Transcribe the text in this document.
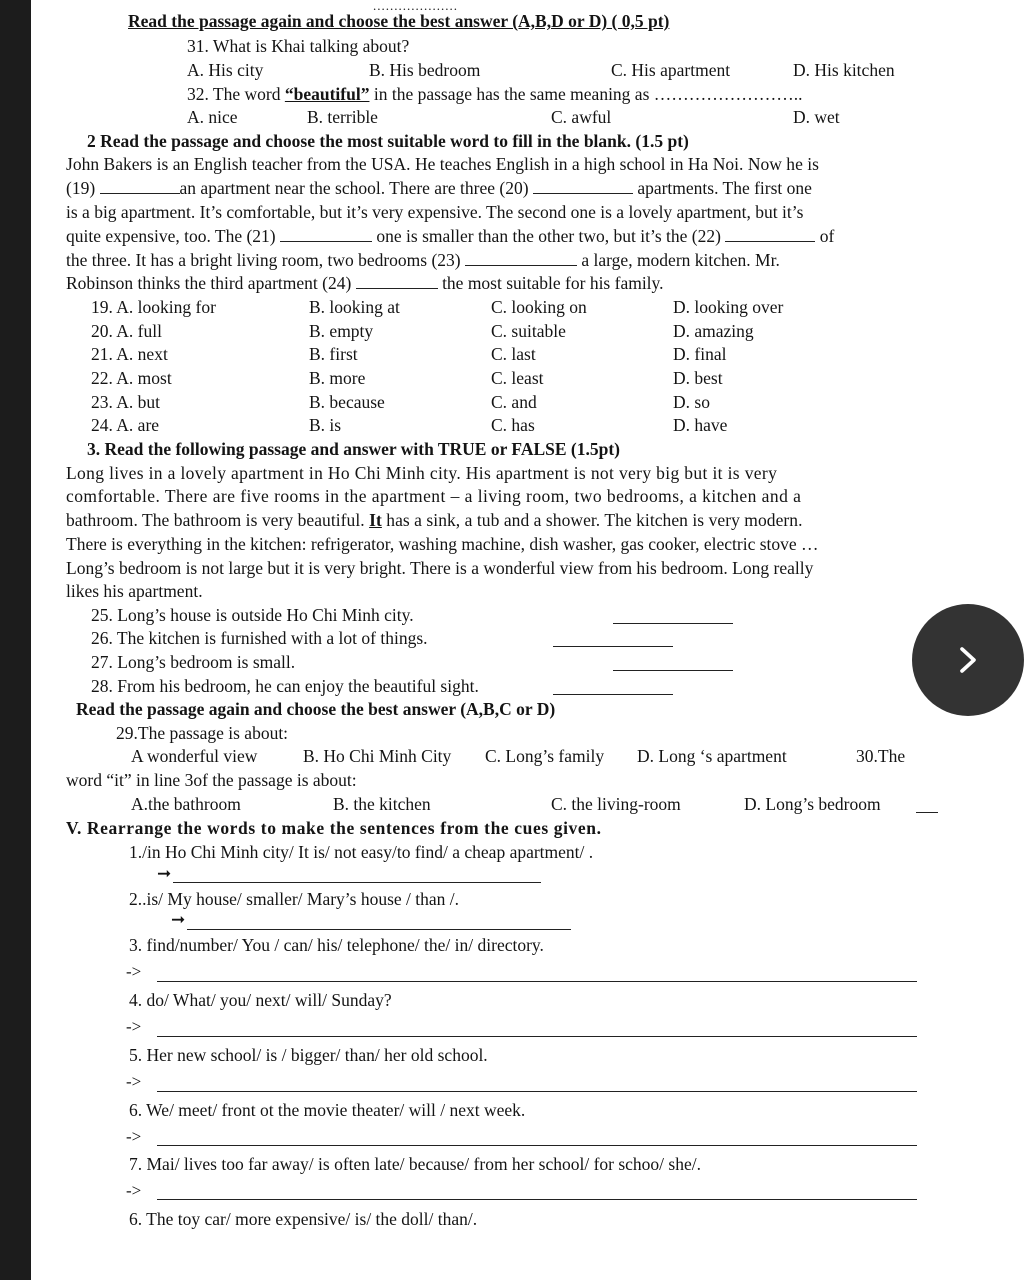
....................
Read the passage again and choose the best answer (A,B,D or D) ( 0,5 pt)
31. What is Khai talking about?
A. His city	B. His bedroom	C. His apartment	D. His kitchen
32. The word “beautiful” in the passage has the same meaning as ……………………..
A. nice	B. terrible	C. awful	D. wet
2 Read the passage and choose the most suitable word to fill in the blank. (1.5 pt)
John Bakers is an English teacher from the USA. He teaches English in a high school in Ha Noi. Now he is
(19)	an apartment near the school. There are three (20)	apartments. The first one
is a big apartment. It’s comfortable, but it’s very expensive. The second one is a lovely apartment, but it’s
quite expensive, too. The (21)	one is smaller than the other two, but it’s the (22)	of
the three. It has a bright living room, two bedrooms (23)	a large, modern kitchen. Mr.
Robinson thinks the third apartment (24)	the most suitable for his family.
19. A. looking for	B. looking at	C. looking on	D. looking over
20. A. full	B. empty	C. suitable	D. amazing
21. A. next	B. first	C. last	D. final
22. A. most	B. more	C. least	D. best
23. A. but	B. because	C. and	D. so
24. A. are	B. is	C. has	D. have
3. Read the following passage and answer with TRUE or FALSE (1.5pt)
Long lives in a lovely apartment in Ho Chi Minh city. His apartment is not very big but it is very
comfortable. There are five rooms in the apartment – a living room, two bedrooms, a kitchen and a
bathroom. The bathroom is very beautiful. It has a sink, a tub and a shower. The kitchen is very modern.
There is everything in the kitchen: refrigerator, washing machine, dish washer, gas cooker, electric stove …
Long’s bedroom is not large but it is very bright. There is a wonderful view from his bedroom. Long really
likes his apartment.
25. Long’s house is outside Ho Chi Minh city.
26. The kitchen is furnished with a lot of things.
27. Long’s bedroom is small.
28. From his bedroom, he can enjoy the beautiful sight.
Read the passage again and choose the best answer (A,B,C or D)
29.The passage is about:
A wonderful view	B. Ho Chi Minh City C. Long’s family D. Long ‘s apartment	30.The
word “it” in line 3of the passage is about:
A.the bathroom	B. the kitchen	C. the living-room	D. Long’s bedroom
V. Rearrange the words to make the sentences from the cues given.
1./in Ho Chi Minh city/ It is/ not easy/to find/ a cheap apartment/ .
➞
2..is/ My house/ smaller/ Mary’s house / than /.
➞
3. find/number/ You / can/ his/ telephone/ the/ in/ directory.
->
4. do/ What/ you/ next/ will/ Sunday?
->
5. Her new school/ is / bigger/ than/ her old school.
->
6. We/ meet/ front ot the movie theater/ will / next week.
->
7. Mai/ lives too far away/ is often late/ because/ from her school/ for schoo/ she/.
->
6. The toy car/ more expensive/ is/ the doll/ than/.
